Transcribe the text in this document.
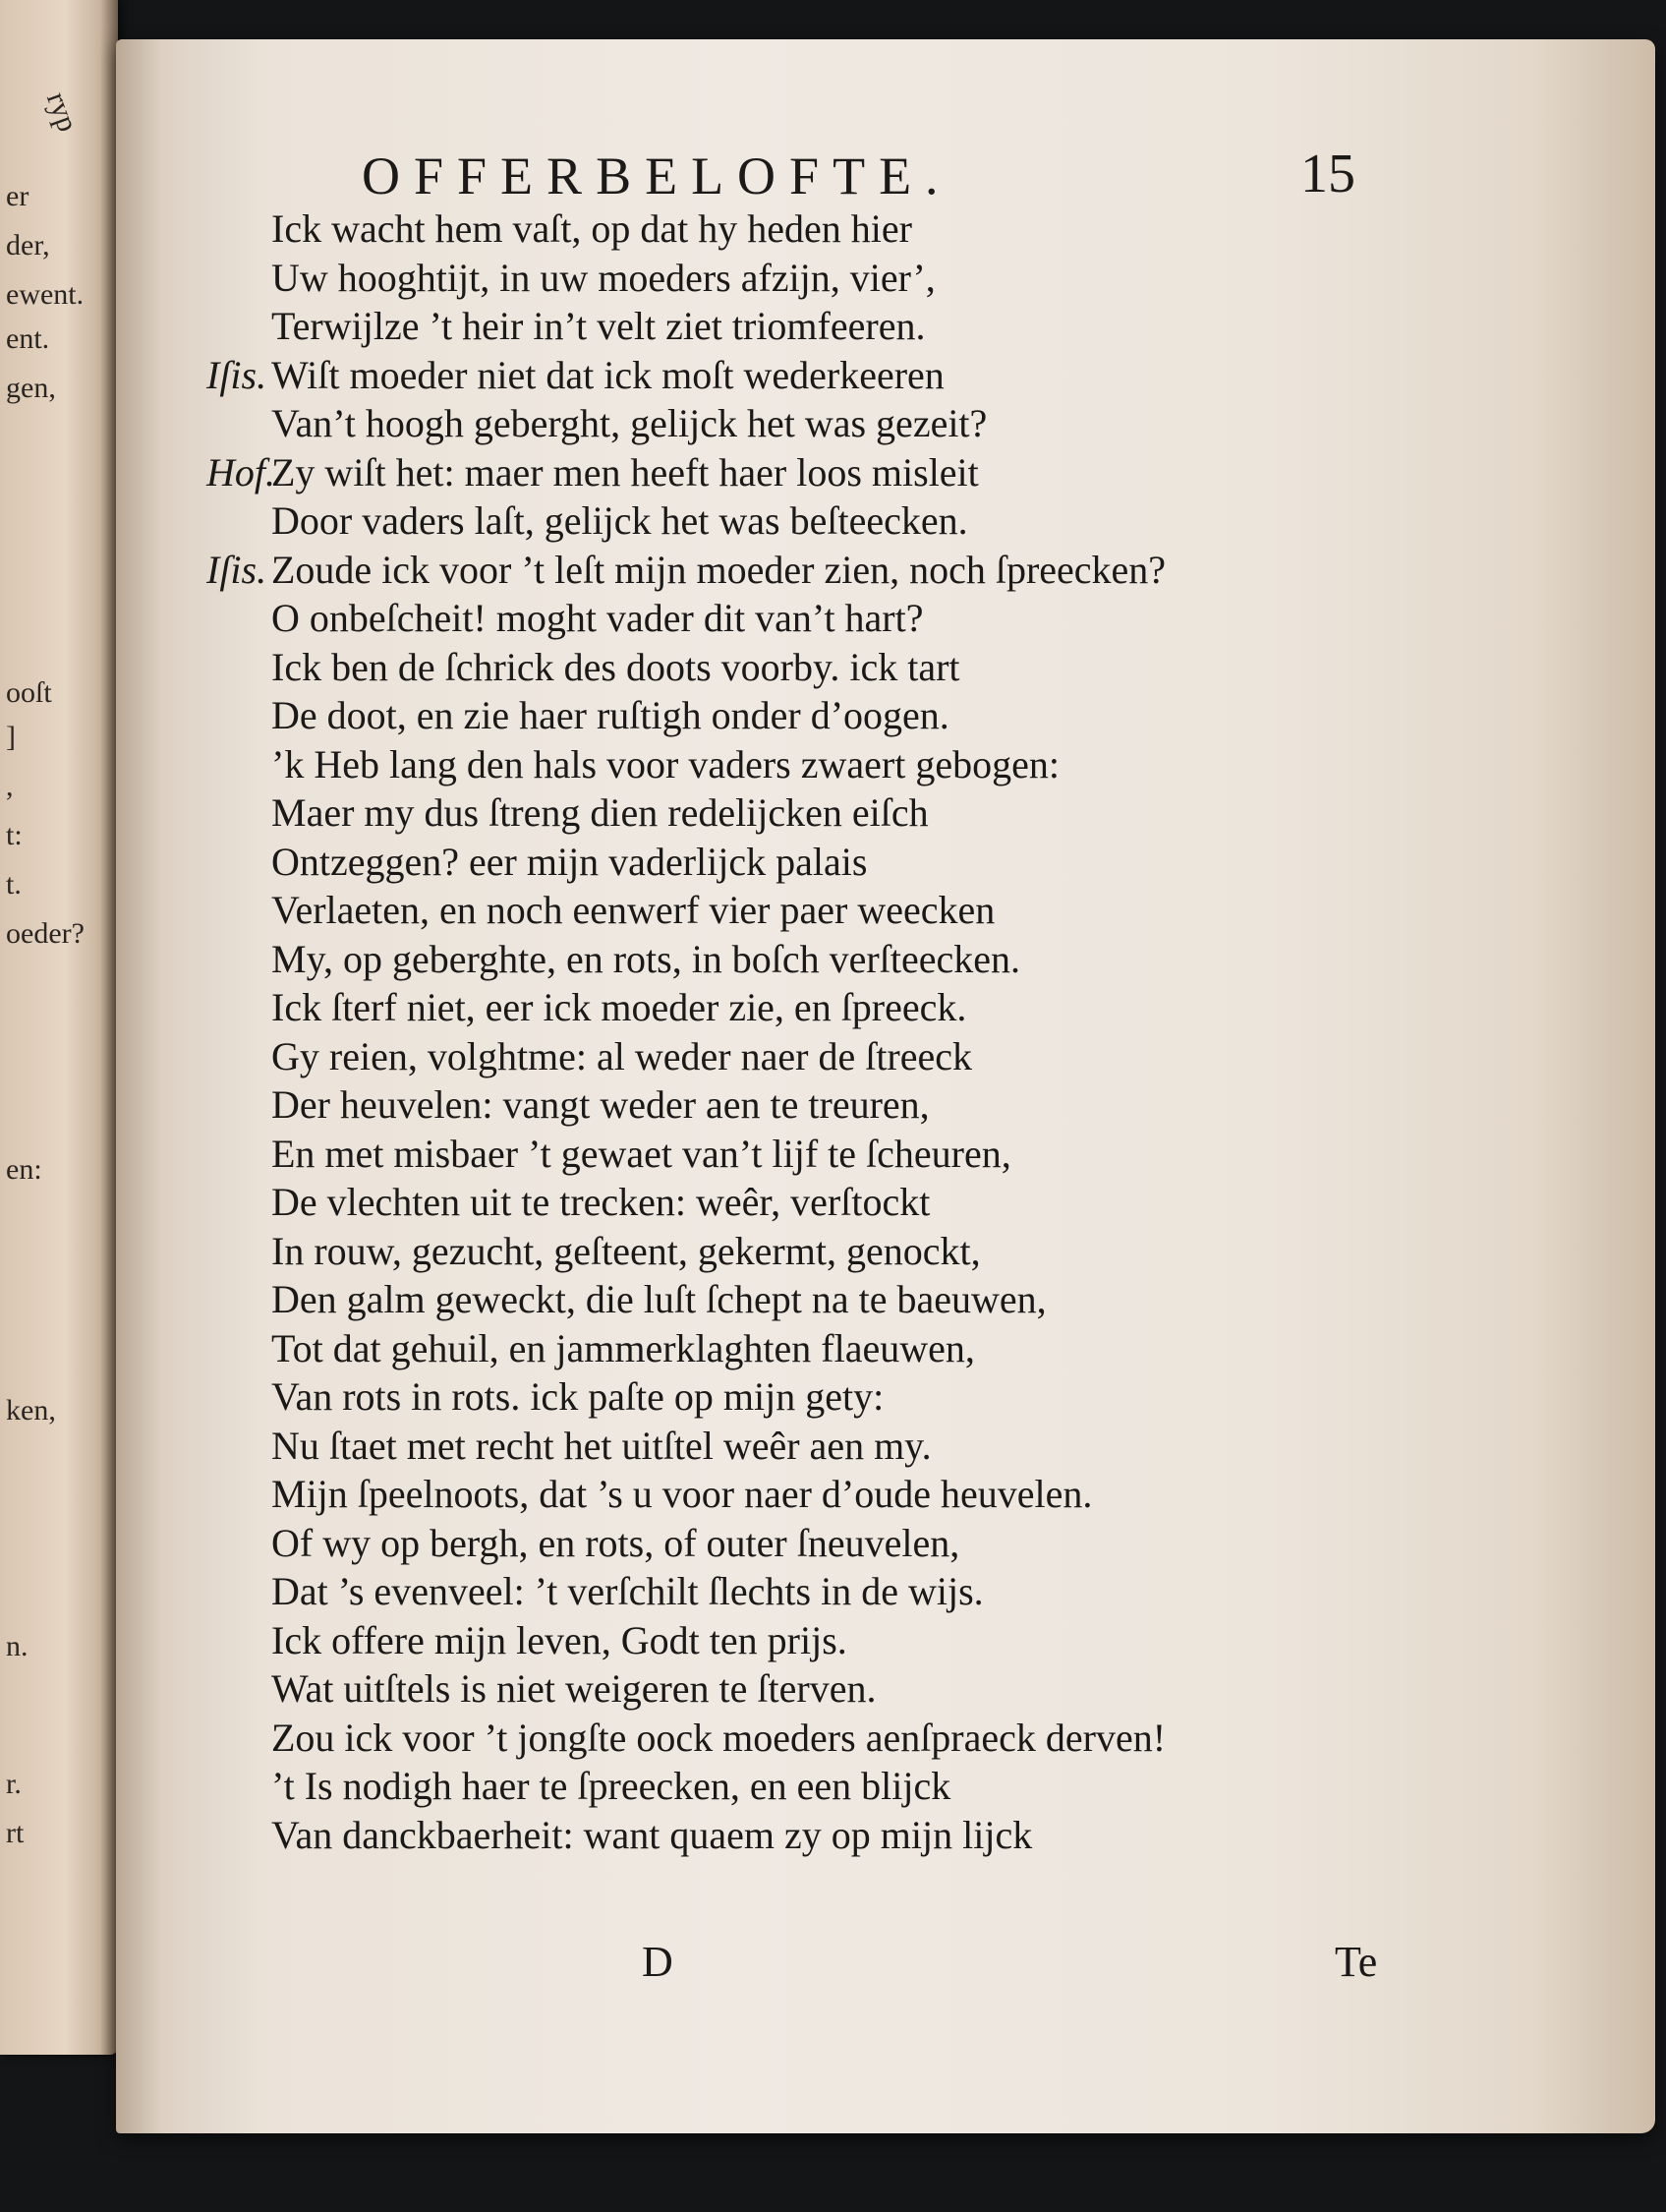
ryp
er
der,
ewent.
ent.
gen,
ooſt
]
,
t:
t.
oeder?
en:
ken,
n.
r.
rt
OFFERBELOFTE.	15
Ick wacht hem vaſt, op dat hy heden hier
Uw hooghtijt, in uw moeders afzijn, vier’,
Terwijlze ’t heir in’t velt ziet triomfeeren.
Iſis. Wiſt moeder niet dat ick moſt wederkeeren
Van’t hoogh geberght, gelijck het was gezeit?
Hof.Zy wiſt het: maer men heeft haer loos misleit
Door vaders laſt, gelijck het was beſteecken.
Iſis. Zoude ick voor ’t leſt mijn moeder zien, noch ſpreecken?
O onbeſcheit! moght vader dit van’t hart?
Ick ben de ſchrick des doots voorby. ick tart
De doot, en zie haer ruſtigh onder d’oogen.
’k Heb lang den hals voor vaders zwaert gebogen:
Maer my dus ſtreng dien redelijcken eiſch
Ontzeggen? eer mijn vaderlijck palais
Verlaeten, en noch eenwerf vier paer weecken
My, op geberghte, en rots, in boſch verſteecken.
Ick ſterf niet, eer ick moeder zie, en ſpreeck.
Gy reien, volghtme: al weder naer de ſtreeck
Der heuvelen: vangt weder aen te treuren,
En met misbaer ’t gewaet van’t lijf te ſcheuren,
De vlechten uit te trecken: weêr, verſtockt
In rouw, gezucht, geſteent, gekermt, genockt,
Den galm geweckt, die luſt ſchept na te baeuwen,
Tot dat gehuil, en jammerklaghten flaeuwen,
Van rots in rots. ick paſte op mijn gety:
Nu ſtaet met recht het uitſtel weêr aen my.
Mijn ſpeelnoots, dat ’s u voor naer d’oude heuvelen.
Of wy op bergh, en rots, of outer ſneuvelen,
Dat ’s evenveel: ’t verſchilt ſlechts in de wijs.
Ick offere mijn leven, Godt ten prijs.
Wat uitſtels is niet weigeren te ſterven.
Zou ick voor ’t jongſte oock moeders aenſpraeck derven!
’t Is nodigh haer te ſpreecken, en een blijck
Van danckbaerheit: want quaem zy op mijn lijck
D	Te
